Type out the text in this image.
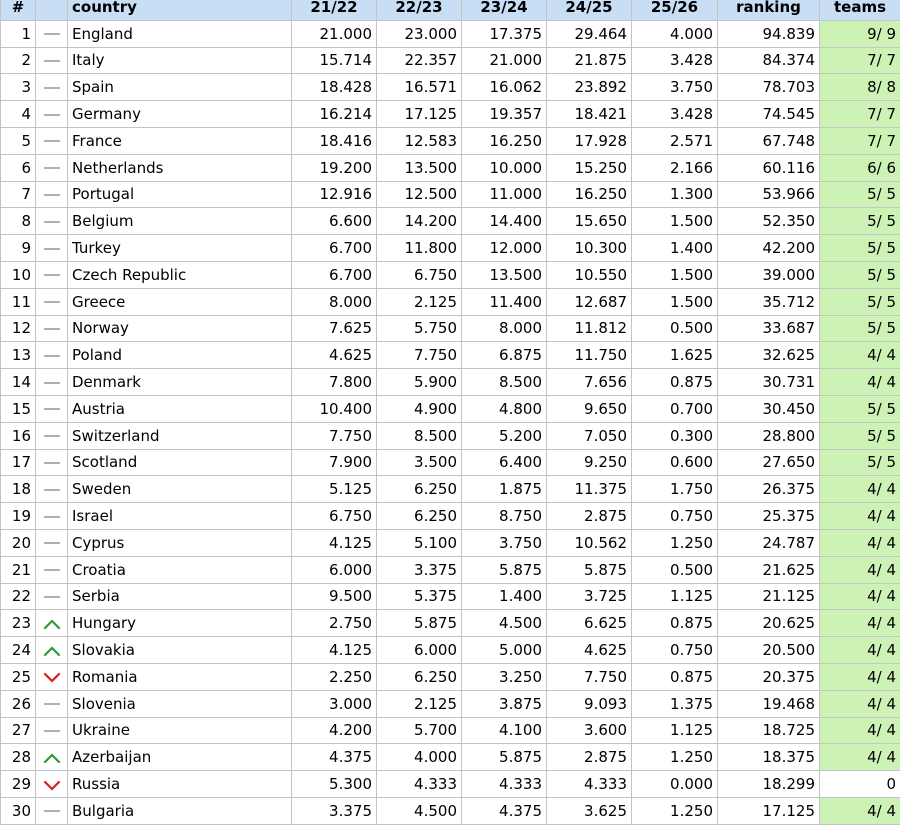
#		country	21/22	22/23	23/24	24/25	25/26	ranking	teams
1		England	21.000	23.000	17.375	29.464	4.000	94.839	9/ 9
2		Italy	15.714	22.357	21.000	21.875	3.428	84.374	7/ 7
3		Spain	18.428	16.571	16.062	23.892	3.750	78.703	8/ 8
4		Germany	16.214	17.125	19.357	18.421	3.428	74.545	7/ 7
5		France	18.416	12.583	16.250	17.928	2.571	67.748	7/ 7
6		Netherlands	19.200	13.500	10.000	15.250	2.166	60.116	6/ 6
7		Portugal	12.916	12.500	11.000	16.250	1.300	53.966	5/ 5
8		Belgium	6.600	14.200	14.400	15.650	1.500	52.350	5/ 5
9		Turkey	6.700	11.800	12.000	10.300	1.400	42.200	5/ 5
10		Czech Republic	6.700	6.750	13.500	10.550	1.500	39.000	5/ 5
11		Greece	8.000	2.125	11.400	12.687	1.500	35.712	5/ 5
12		Norway	7.625	5.750	8.000	11.812	0.500	33.687	5/ 5
13		Poland	4.625	7.750	6.875	11.750	1.625	32.625	4/ 4
14		Denmark	7.800	5.900	8.500	7.656	0.875	30.731	4/ 4
15		Austria	10.400	4.900	4.800	9.650	0.700	30.450	5/ 5
16		Switzerland	7.750	8.500	5.200	7.050	0.300	28.800	5/ 5
17		Scotland	7.900	3.500	6.400	9.250	0.600	27.650	5/ 5
18		Sweden	5.125	6.250	1.875	11.375	1.750	26.375	4/ 4
19		Israel	6.750	6.250	8.750	2.875	0.750	25.375	4/ 4
20		Cyprus	4.125	5.100	3.750	10.562	1.250	24.787	4/ 4
21		Croatia	6.000	3.375	5.875	5.875	0.500	21.625	4/ 4
22		Serbia	9.500	5.375	1.400	3.725	1.125	21.125	4/ 4
23		Hungary	2.750	5.875	4.500	6.625	0.875	20.625	4/ 4
24		Slovakia	4.125	6.000	5.000	4.625	0.750	20.500	4/ 4
25		Romania	2.250	6.250	3.250	7.750	0.875	20.375	4/ 4
26		Slovenia	3.000	2.125	3.875	9.093	1.375	19.468	4/ 4
27		Ukraine	4.200	5.700	4.100	3.600	1.125	18.725	4/ 4
28		Azerbaijan	4.375	4.000	5.875	2.875	1.250	18.375	4/ 4
29		Russia	5.300	4.333	4.333	4.333	0.000	18.299	0
30		Bulgaria	3.375	4.500	4.375	3.625	1.250	17.125	4/ 4
